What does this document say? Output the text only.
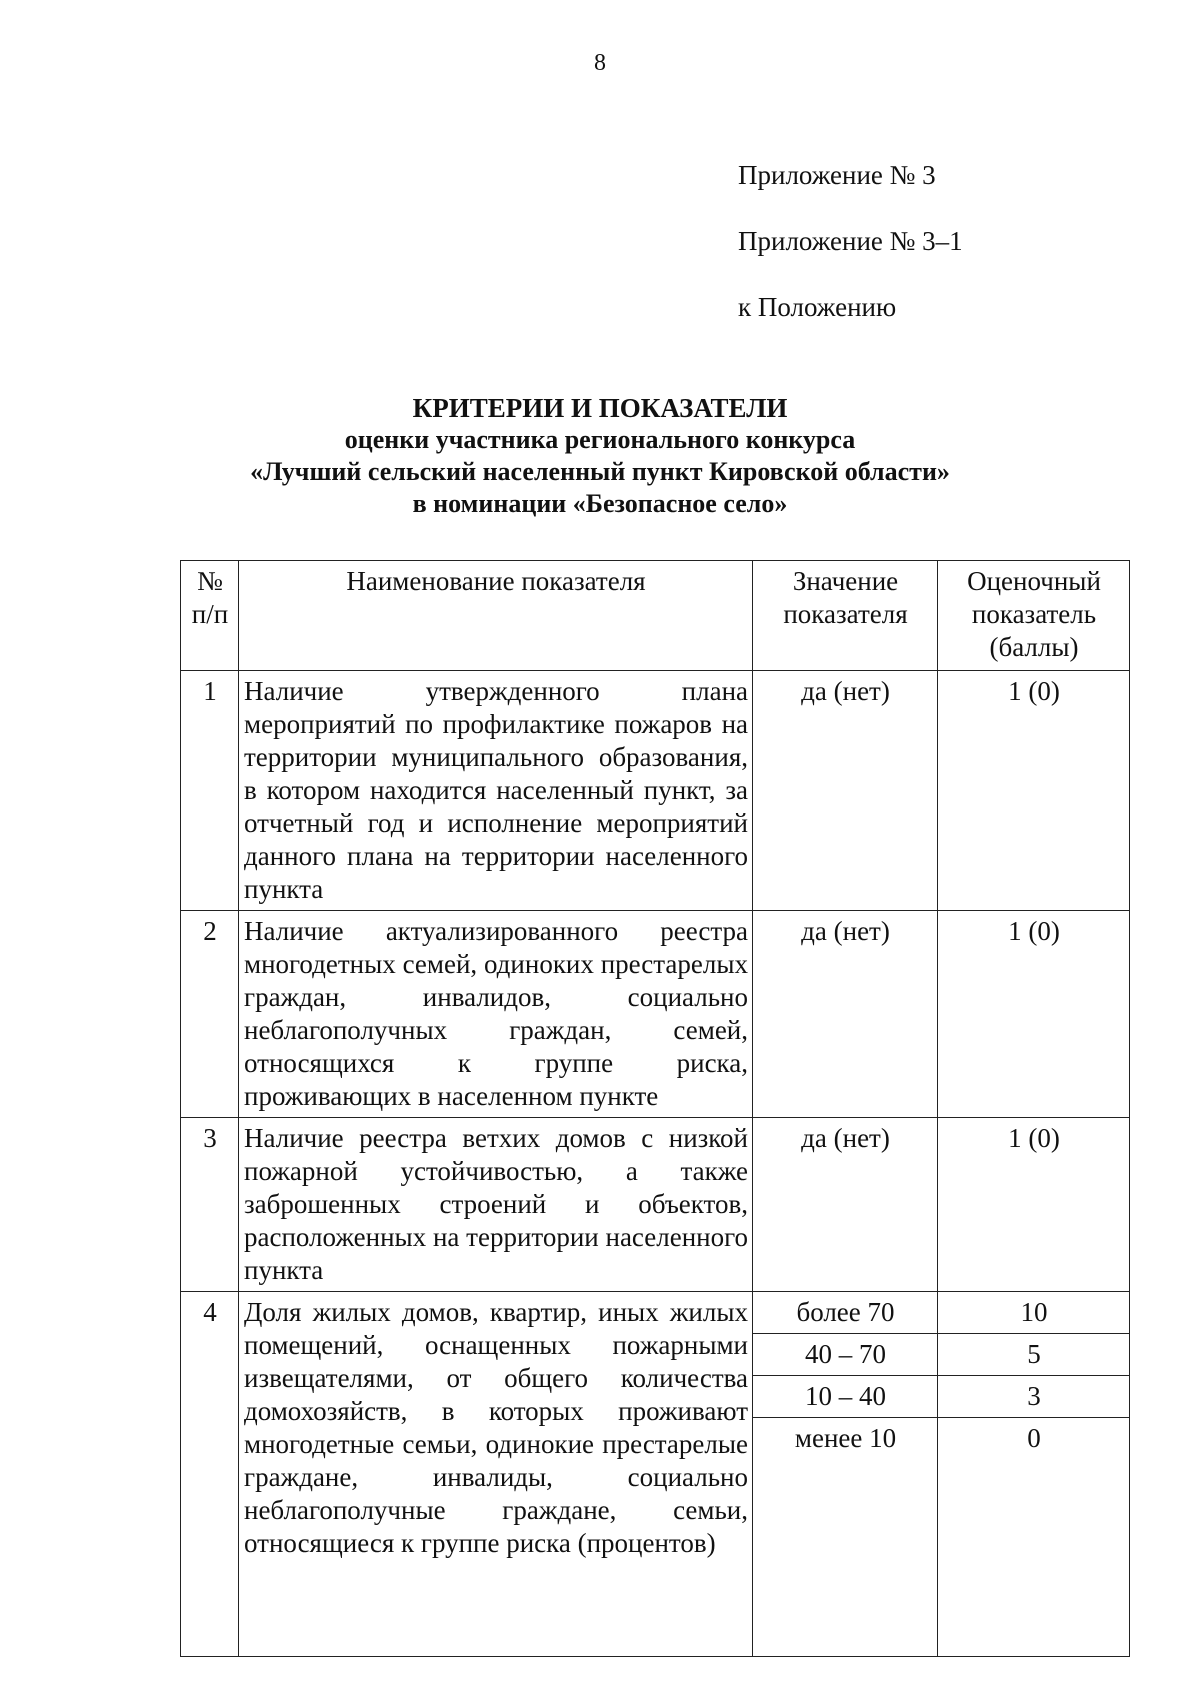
8
Приложение № 3
Приложение № 3–1
к Положению
КРИТЕРИИ И ПОКАЗАТЕЛИ
оценки участника регионального конкурса
«Лучший сельский населенный пункт Кировской области»
в номинации «Безопасное село»
№ п/п	Наименование показателя	Значение показателя	Оценочный показатель (баллы)
1	Наличие утвержденного плана мероприятий по профилактике пожаров на территории муниципального образования, в котором находится населенный пункт, за отчетный год и исполнение мероприятий данного плана на территории населенного пункта	да (нет)	1 (0)
2	Наличие актуализированного реестра многодетных семей, одиноких престарелых граждан, инвалидов, социально неблагополучных граждан, семей, относящихся к группе риска, проживающих в населенном пункте	да (нет)	1 (0)
3	Наличие реестра ветхих домов с низкой пожарной устойчивостью, а также заброшенных строений и объектов, расположенных на территории населенного пункта	да (нет)	1 (0)
4	Доля жилых домов, квартир, иных жилых помещений, оснащенных пожарными извещателями, от общего количества домохозяйств, в которых проживают многодетные семьи, одинокие престарелые граждане, инвалиды, социально неблагополучные граждане, семьи, относящиеся к группе риска (процентов)	более 70	10
		40 – 70	5
		10 – 40	3
		менее 10	0
